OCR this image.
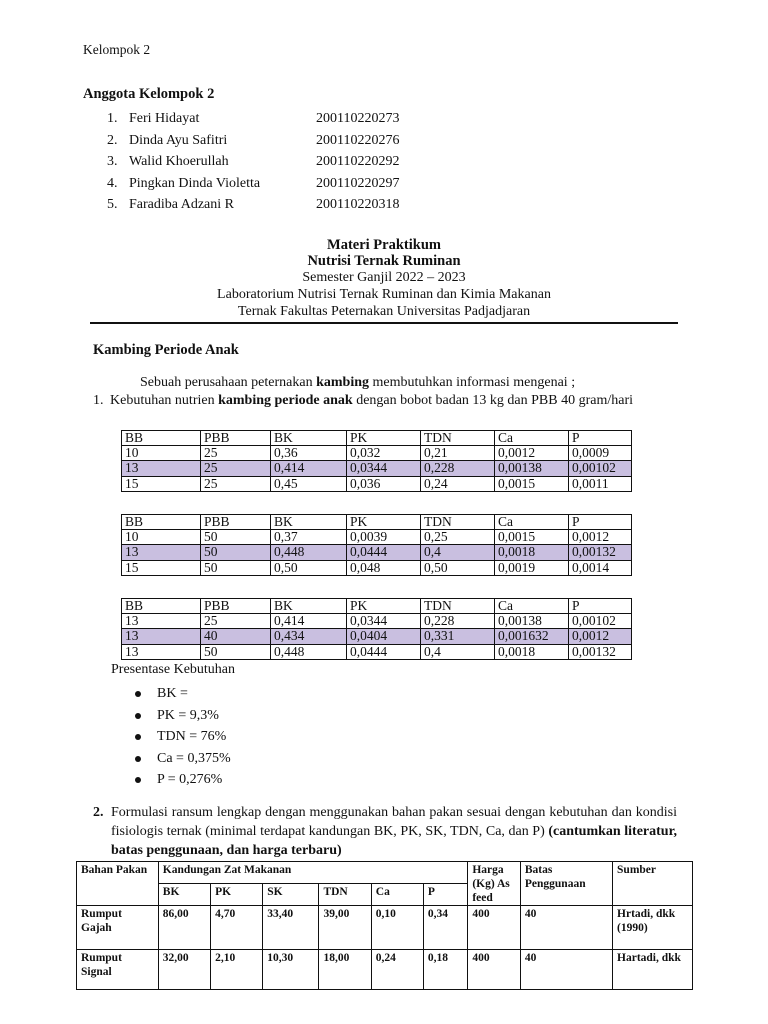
Kelompok 2
Anggota Kelompok 2
1. Feri Hidayat	200110220273
2. Dinda Ayu Safitri	200110220276
3. Walid Khoerullah	200110220292
4. Pingkan Dinda Violetta	200110220297
5. Faradiba Adzani R	200110220318
Materi Praktikum
Nutrisi Ternak Ruminan
Semester Ganjil 2022 – 2023
Laboratorium Nutrisi Ternak Ruminan dan Kimia Makanan
Ternak Fakultas Peternakan Universitas Padjadjaran
Kambing Periode Anak
Sebuah perusahaan peternakan kambing membutuhkan informasi mengenai ;
1. Kebutuhan nutrien kambing periode anak dengan bobot badan 13 kg dan PBB 40 gram/hari
BB	PBB	BK	PK	TDN	Ca	P
10	25	0,36	0,032	0,21	0,0012	0,0009
13	25	0,414	0,0344	0,228	0,00138	0,00102
15	25	0,45	0,036	0,24	0,0015	0,0011
BB	PBB	BK	PK	TDN	Ca	P
10	50	0,37	0,0039	0,25	0,0015	0,0012
13	50	0,448	0,0444	0,4	0,0018	0,00132
15	50	0,50	0,048	0,50	0,0019	0,0014
BB	PBB	BK	PK	TDN	Ca	P
13	25	0,414	0,0344	0,228	0,00138	0,00102
13	40	0,434	0,0404	0,331	0,001632	0,0012
13	50	0,448	0,0444	0,4	0,0018	0,00132
Presentase Kebutuhan
BK =
PK = 9,3%
TDN = 76%
Ca = 0,375%
P = 0,276%
2. Formulasi ransum lengkap dengan menggunakan bahan pakan sesuai dengan kebutuhan dan kondisi fisiologis ternak (minimal terdapat kandungan BK, PK, SK, TDN, Ca, dan P) (cantumkan literatur, batas penggunaan, dan harga terbaru)
Bahan Pakan	Kandungan Zat Makanan						Harga (Kg) As feed	Batas Penggunaan	Sumber
	BK	PK	SK	TDN	Ca	P			
Rumput Gajah	86,00	4,70	33,40	39,00	0,10	0,34	400	40	Hrtadi, dkk (1990)
Rumput Signal	32,00	2,10	10,30	18,00	0,24	0,18	400	40	Hartadi, dkk
